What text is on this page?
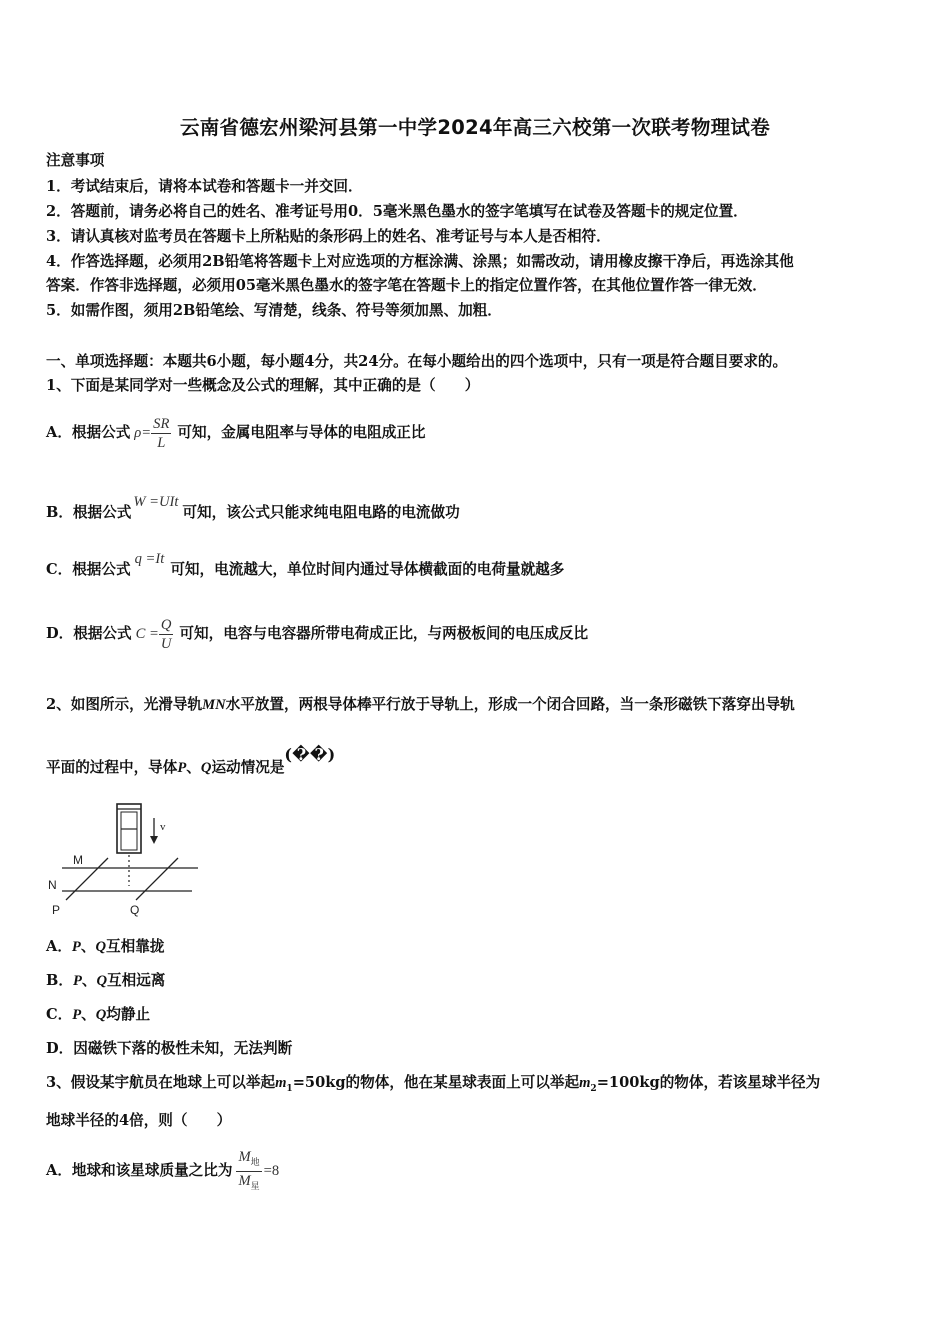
云南省德宏州梁河县第一中学2024年高三六校第一次联考物理试卷
注意事项
1．考试结束后，请将本试卷和答题卡一并交回．
2．答题前，请务必将自己的姓名、准考证号用0．5毫米黑色墨水的签字笔填写在试卷及答题卡的规定位置．
3．请认真核对监考员在答题卡上所粘贴的条形码上的姓名、准考证号与本人是否相符．
4．作答选择题，必须用2B铅笔将答题卡上对应选项的方框涂满、涂黑；如需改动，请用橡皮擦干净后，再选涂其他
答案．作答非选择题，必须用05毫米黑色墨水的签字笔在答题卡上的指定位置作答，在其他位置作答一律无效．
5．如需作图，须用2B铅笔绘、写清楚，线条、符号等须加黑、加粗．
一、单项选择题：本题共6小题，每小题4分，共24分。在每小题给出的四个选项中，只有一项是符合题目要求的。
1、下面是某同学对一些概念及公式的理解，其中正确的是（　　）
A．根据公式 $\rho= \frac{SR}{L}$ 可知，金属电阻率与导体的电阻成正比
B．根据公式
W =UIt
可知，该公式只能求纯电阻电路的电流做功
C．根据公式
q =It
可知，电流越大，单位时间内通过导体横截面的电荷量就越多
D．根据公式 $C = \frac{Q}{U}$ 可知，电容与电容器所带电荷成正比，与两极板间的电压成反比
2、如图所示，光滑导轨MN水平放置，两根导体棒平行放于导轨上，形成一个闭合回路，当一条形磁铁下落穿出导轨
平面的过程中，导体P、Q运动情况是(��)
v
M
N
P	Q
A．P、Q互相靠拢
B．P、Q互相远离
C．P、Q均静止
D．因磁铁下落的极性未知，无法判断
3、假设某宇航员在地球上可以举起$m_1=50kg$的物体，他在某星球表面上可以举起$m_2=100kg$的物体，若该星球半径为
地球半径的4倍，则（　　）
A．地球和该星球质量之比为 $\frac{M_地}{M_星} =8$
